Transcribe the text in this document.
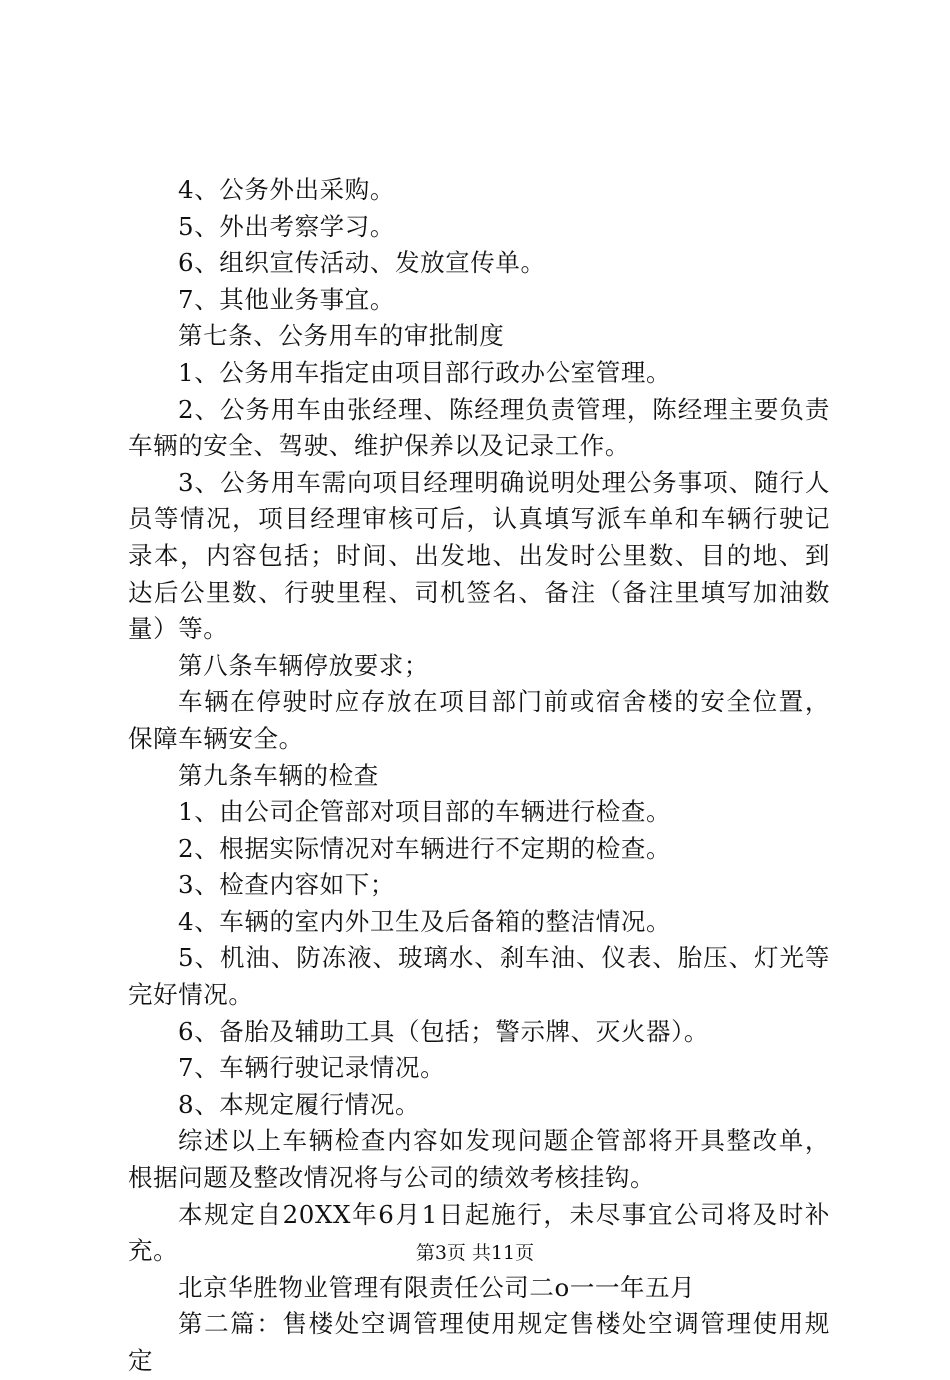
4、公务外出采购。

5、外出考察学习。

6、组织宣传活动、发放宣传单。

7、其他业务事宜。

第七条、公务用车的审批制度

1、公务用车指定由项目部行政办公室管理。

2、公务用车由张经理、陈经理负责管理，陈经理主要负责车辆的安全、驾驶、维护保养以及记录工作。

3、公务用车需向项目经理明确说明处理公务事项、随行人员等情况，项目经理审核可后，认真填写派车单和车辆行驶记录本，内容包括；时间、出发地、出发时公里数、目的地、到达后公里数、行驶里程、司机签名、备注（备注里填写加油数量）等。

第八条车辆停放要求；

车辆在停驶时应存放在项目部门前或宿舍楼的安全位置，保障车辆安全。

第九条车辆的检查

1、由公司企管部对项目部的车辆进行检查。

2、根据实际情况对车辆进行不定期的检查。

3、检查内容如下；

4、车辆的室内外卫生及后备箱的整洁情况。

5、机油、防冻液、玻璃水、刹车油、仪表、胎压、灯光等完好情况。

6、备胎及辅助工具（包括；警示牌、灭火器）。

7、车辆行驶记录情况。

8、本规定履行情况。

综述以上车辆检查内容如发现问题企管部将开具整改单，根据问题及整改情况将与公司的绩效考核挂钩。

本规定自20XX年6月1日起施行，未尽事宜公司将及时补充。

北京华胜物业管理有限责任公司二o一一年五月

第二篇：售楼处空调管理使用规定售楼处空调管理使用规定

第3页 共11页
